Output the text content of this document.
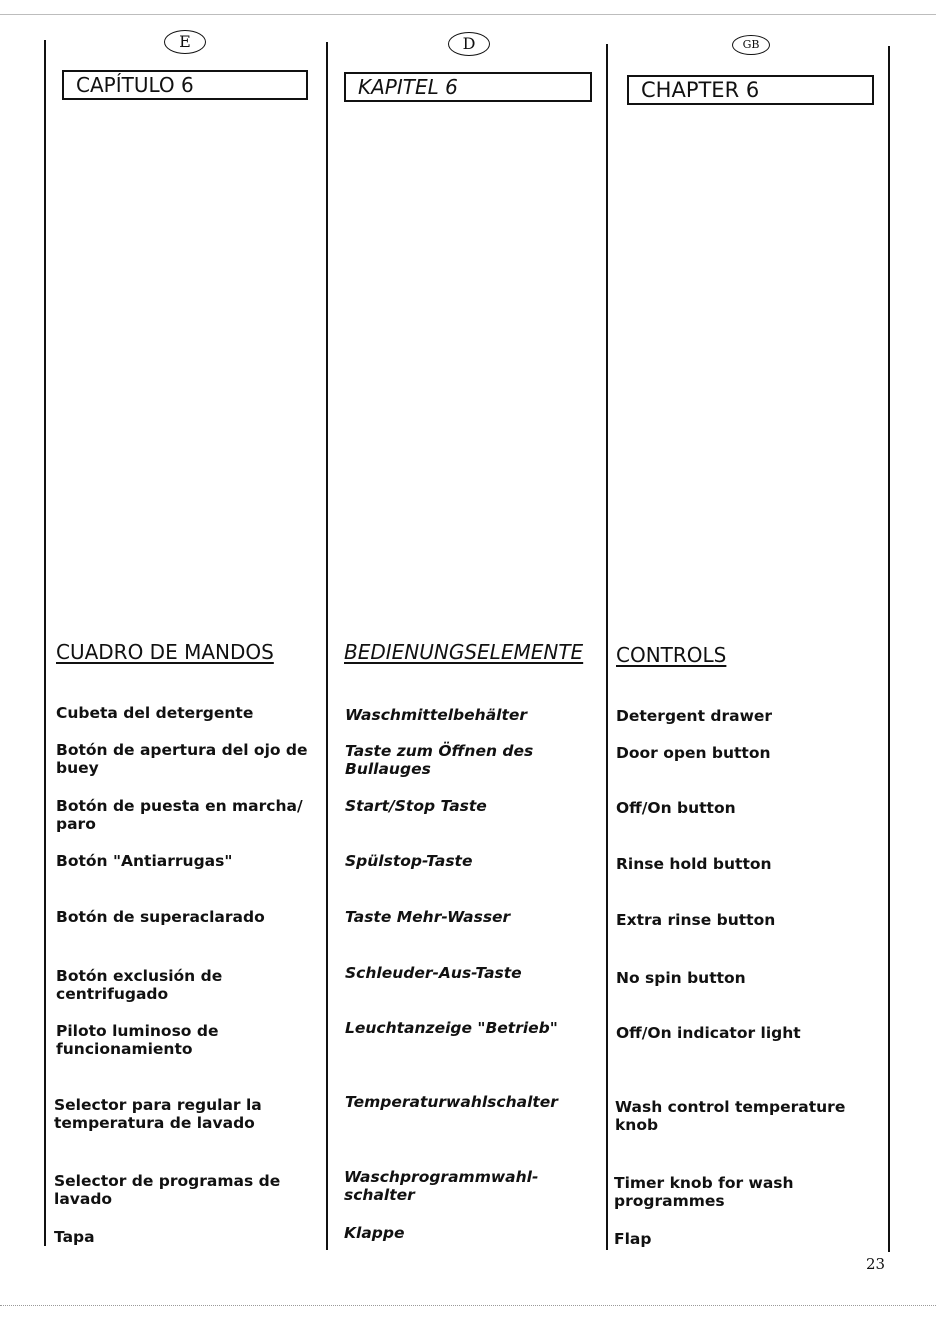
E
CAPÍTULO 6
CUADRO DE MANDOS
Cubeta del detergente
Botón de apertura del ojo de buey
Botón de puesta en marcha/ paro
Botón "Antiarrugas"
Botón de superaclarado
Botón exclusión de centrifugado
Piloto luminoso de funcionamiento
Selector para regular la temperatura de lavado
Selector de programas de lavado
Tapa
D
KAPITEL 6
BEDIENUNGSELEMENTE
Waschmittelbehälter
Taste zum Öffnen des Bullauges
Start/Stop Taste
Spülstop-Taste
Taste Mehr-Wasser
Schleuder-Aus-Taste
Leuchtanzeige "Betrieb"
Temperaturwahlschalter
Waschprogrammwahl-schalter
Klappe
GB
CHAPTER 6
CONTROLS
Detergent drawer
Door open button
Off/On button
Rinse hold button
Extra rinse button
No spin button
Off/On indicator light
Wash control temperature knob
Timer knob for wash programmes
Flap
23
